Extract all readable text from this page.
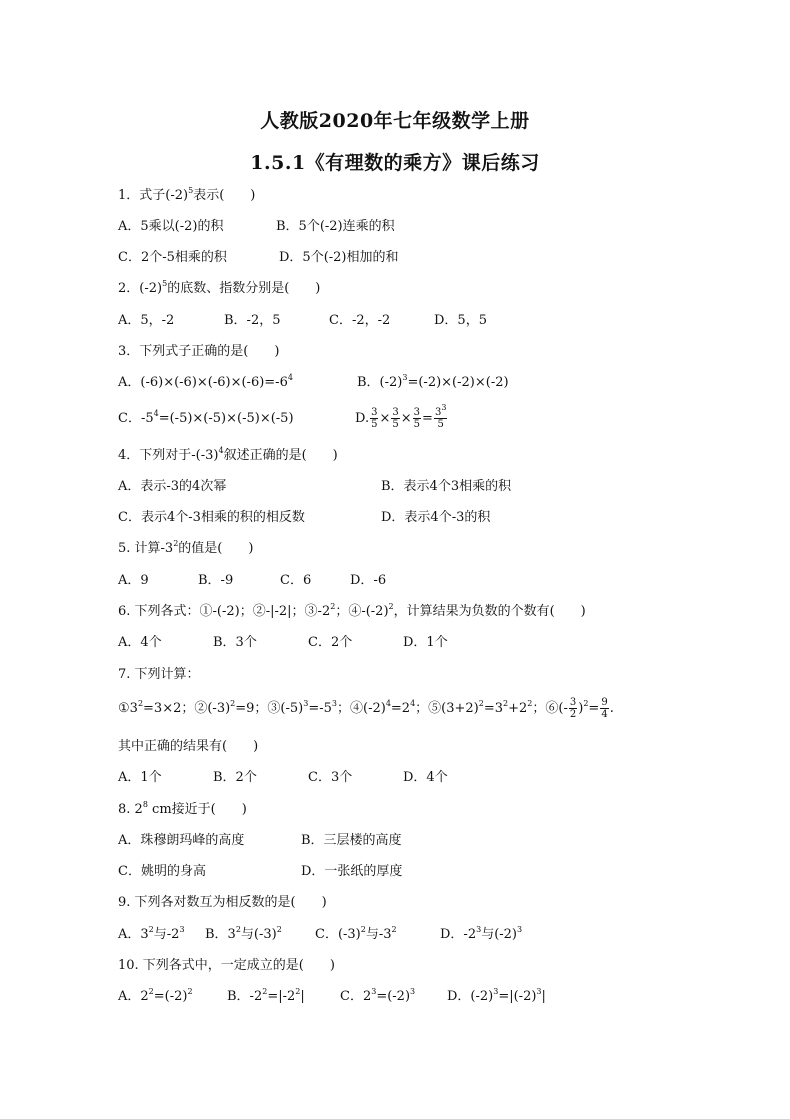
人教版2020年七年级数学上册
1.5.1《有理数的乘方》课后练习
1．式子$(-2)^5$表示(　　)
A．5乘以(-2)的积	B．5个(-2)连乘的积
C．2个-5相乘的积	D．5个(-2)相加的和
2．$(-2)^5$的底数、指数分别是(　　)
A．5，-2	B．-2，5	C．-2，-2	D．5，5
3．下列式子正确的是(　　)
A．$(-6)\times(-6)\times(-6)\times(-6)=-6^4$	B．$(-2)^3=(-2)\times(-2)\times(-2)$
C．$-5^4=(-5)\times(-5)\times(-5)\times(-5)$	D. $\frac{3}{5} \times \frac{3}{5} \times \frac{3}{5} = \frac{3^3}{5}$
4．下列对于$-(-3)^4$叙述正确的是(　　)
A．表示-3的4次幂	B．表示4个3相乘的积
C．表示4个-3相乘的积的相反数	D．表示4个-3的积
5. 计算$-3^2$的值是(　　)
A．9	B．-9	C．6	D．-6
6. 下列各式：①-(-2)；②-|-2|；$③-2^2$；$④-(-2)^2$，计算结果为负数的个数有(　　)
A．4个	B．3个	C．2个	D．1个
7. 下列计算：
$①3^2=3\times 2$；$②(-3)^2=9$；$③(-5)^3=-5^3$；$④(-2)^4=2^4$；$⑤(3+2)^2=3^2+2^2$；⑥(- $\frac{3}{2} )^2= \frac{9}{4}$ .
其中正确的结果有(　　)
A．1个	B．2个	C．3个	D．4个
8. $2^8$ cm接近于(　　)
A．珠穆朗玛峰的高度	B．三层楼的高度
C．姚明的身高	D．一张纸的厚度
9. 下列各对数互为相反数的是(　　)
A．$3^2$与$-2^3$ B．$3^2$与$(-3)^2$	C．$(-3)^2$与$-3^2$	D．$-2^3$与$(-2)^3$
10. 下列各式中，一定成立的是(　　)
A．$2^2=(-2)^2$	B．$-2^2=|-2^2|$	C．$2^3=(-2)^3$ D．$(-2)^3=|(-2)^3|$
